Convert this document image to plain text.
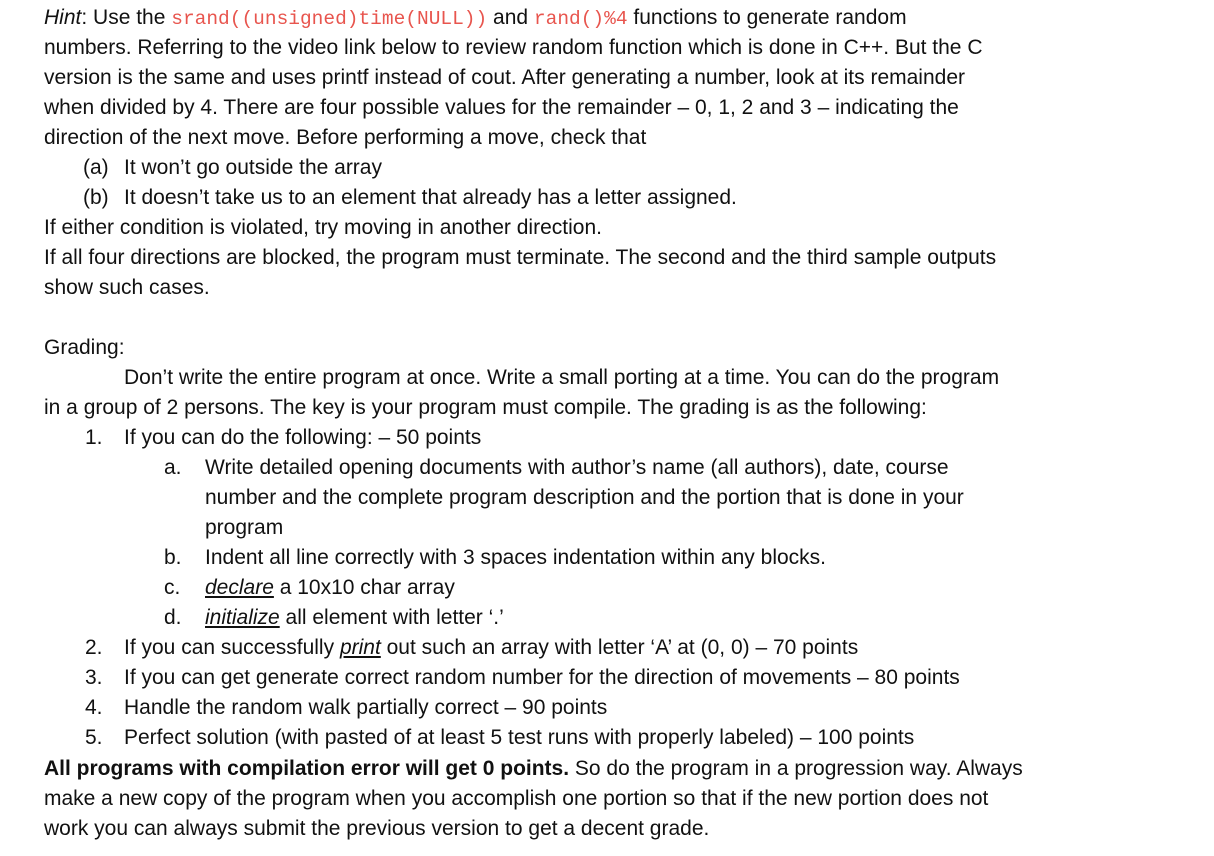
Hint: Use the srand((unsigned)time(NULL)) and rand()%4 functions to generate random
numbers. Referring to the video link below to review random function which is done in C++. But the C
version is the same and uses printf instead of cout. After generating a number, look at its remainder
when divided by 4. There are four possible values for the remainder – 0, 1, 2 and 3 – indicating the
direction of the next move. Before performing a move, check that
(a) It won’t go outside the array
(b) It doesn’t take us to an element that already has a letter assigned.
If either condition is violated, try moving in another direction.
If all four directions are blocked, the program must terminate. The second and the third sample outputs
show such cases.
Grading:
Don’t write the entire program at once. Write a small porting at a time. You can do the program
in a group of 2 persons. The key is your program must compile. The grading is as the following:
1. If you can do the following: – 50 points
a. Write detailed opening documents with author’s name (all authors), date, course
number and the complete program description and the portion that is done in your
program
b. Indent all line correctly with 3 spaces indentation within any blocks.
c. declare a 10x10 char array
d. initialize all element with letter ‘.’
2. If you can successfully print out such an array with letter ‘A’ at (0, 0) – 70 points
3. If you can get generate correct random number for the direction of movements – 80 points
4. Handle the random walk partially correct – 90 points
5. Perfect solution (with pasted of at least 5 test runs with properly labeled) – 100 points
All programs with compilation error will get 0 points. So do the program in a progression way. Always
make a new copy of the program when you accomplish one portion so that if the new portion does not
work you can always submit the previous version to get a decent grade.
